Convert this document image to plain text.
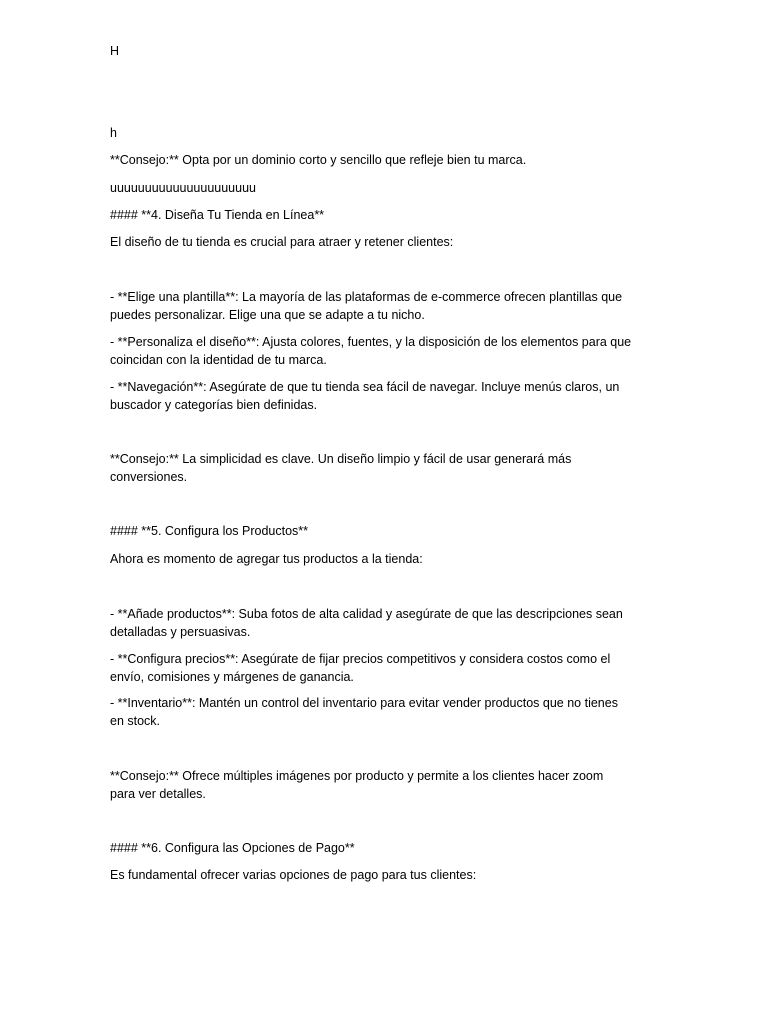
H
h
**Consejo:** Opta por un dominio corto y sencillo que refleje bien tu marca.
uuuuuuuuuuuuuuuuuuuuu
#### **4. Diseña Tu Tienda en Línea**
El diseño de tu tienda es crucial para atraer y retener clientes:
- **Elige una plantilla**: La mayoría de las plataformas de e-commerce ofrecen plantillas que
puedes personalizar. Elige una que se adapte a tu nicho.
- **Personaliza el diseño**: Ajusta colores, fuentes, y la disposición de los elementos para que
coincidan con la identidad de tu marca.
- **Navegación**: Asegúrate de que tu tienda sea fácil de navegar. Incluye menús claros, un
buscador y categorías bien definidas.
**Consejo:** La simplicidad es clave. Un diseño limpio y fácil de usar generará más
conversiones.
#### **5. Configura los Productos**
Ahora es momento de agregar tus productos a la tienda:
- **Añade productos**: Suba fotos de alta calidad y asegúrate de que las descripciones sean
detalladas y persuasivas.
- **Configura precios**: Asegúrate de fijar precios competitivos y considera costos como el
envío, comisiones y márgenes de ganancia.
- **Inventario**: Mantén un control del inventario para evitar vender productos que no tienes
en stock.
**Consejo:** Ofrece múltiples imágenes por producto y permite a los clientes hacer zoom
para ver detalles.
#### **6. Configura las Opciones de Pago**
Es fundamental ofrecer varias opciones de pago para tus clientes:
